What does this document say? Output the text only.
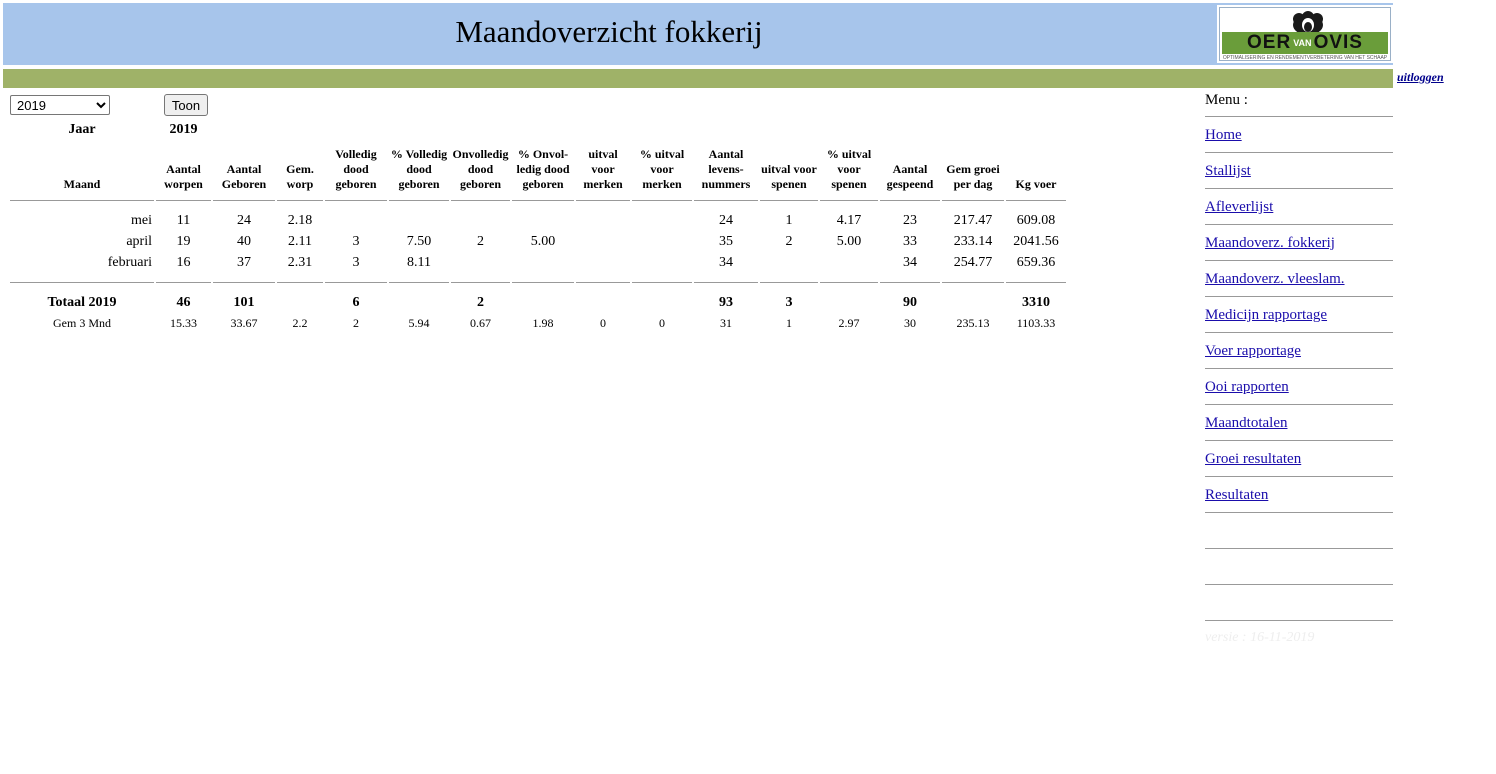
Maandoverzicht fokkerij	OER VAN OVIS
OPTIMALISERING EN RENDEMENTVERBETERING VAN HET SCHAAP
uitloggen
2019
Toon
Jaar	2019														
Maand	Aantal worpen	Aantal Geboren	Gem. worp	Volledig dood geboren	% Volledig dood geboren	Onvolledig dood geboren	% Onvol-ledig dood geboren	uitval voor merken	% uitval voor merken	Aantal levens-nummers	uitval voor spenen	% uitval voor spenen	Aantal gespeend	Gem groei per dag	Kg voer

mei	11	24	2.18							24	1	4.17	23	217.47	609.08
april	19	40	2.11	3	7.50	2	5.00			35	2	5.00	33	233.14	2041.56
februari	16	37	2.31	3	8.11					34			34	254.77	659.36

Totaal 2019	46	101		6		2				93	3		90		3310
Gem 3 Mnd	15.33	33.67	2.2	2	5.94	0.67	1.98	0	0	31	1	2.97	30	235.13	1103.33
Menu :
Home
Stallijst
Afleverlijst
Maandoverz. fokkerij
Maandoverz. vleeslam.
Medicijn rapportage
Voer rapportage
Ooi rapporten
Maandtotalen
Groei resultaten
Resultaten
versie : 16-11-2019
